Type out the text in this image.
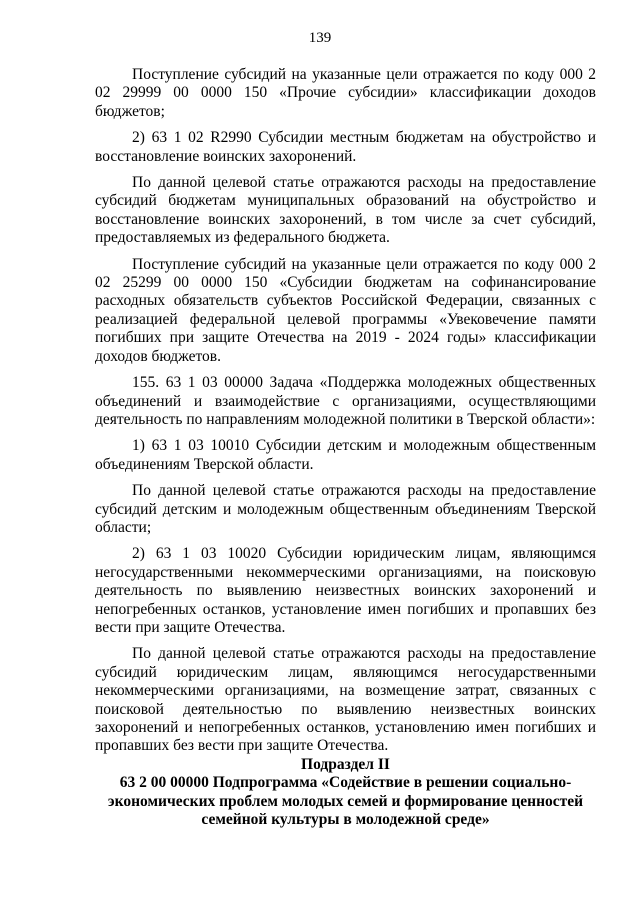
139

Поступление субсидий на указанные цели отражается по коду 000 2 02 29999 00 0000 150 «Прочие субсидии» классификации доходов бюджетов;

2) 63 1 02 R2990 Субсидии местным бюджетам на обустройство и восстановление воинских захоронений.

По данной целевой статье отражаются расходы на предоставление субсидий бюджетам муниципальных образований на обустройство и восстановление воинских захоронений, в том числе за счет субсидий, предоставляемых из федерального бюджета.

Поступление субсидий на указанные цели отражается по коду 000 2 02 25299 00 0000 150 «Субсидии бюджетам на софинансирование расходных обязательств субъектов Российской Федерации, связанных с реализацией федеральной целевой программы «Увековечение памяти погибших при защите Отечества на 2019 - 2024 годы» классификации доходов бюджетов.

155. 63 1 03 00000 Задача «Поддержка молодежных общественных объединений и взаимодействие с организациями, осуществляющими деятельность по направлениям молодежной политики в Тверской области»:

1) 63 1 03 10010 Субсидии детским и молодежным общественным объединениям Тверской области.

По данной целевой статье отражаются расходы на предоставление субсидий детским и молодежным общественным объединениям Тверской области;

2) 63 1 03 10020 Субсидии юридическим лицам, являющимся негосударственными некоммерческими организациями, на поисковую деятельность по выявлению неизвестных воинских захоронений и непогребенных останков, установление имен погибших и пропавших без вести при защите Отечества.

По данной целевой статье отражаются расходы на предоставление субсидий юридическим лицам, являющимся негосударственными некоммерческими организациями, на возмещение затрат, связанных с поисковой деятельностью по выявлению неизвестных воинских захоронений и непогребенных останков, установлению имен погибших и пропавших без вести при защите Отечества.

Подраздел II
63 2 00 00000 Подпрограмма «Содействие в решении социально-экономических проблем молодых семей и формирование ценностей семейной культуры в молодежной среде»
